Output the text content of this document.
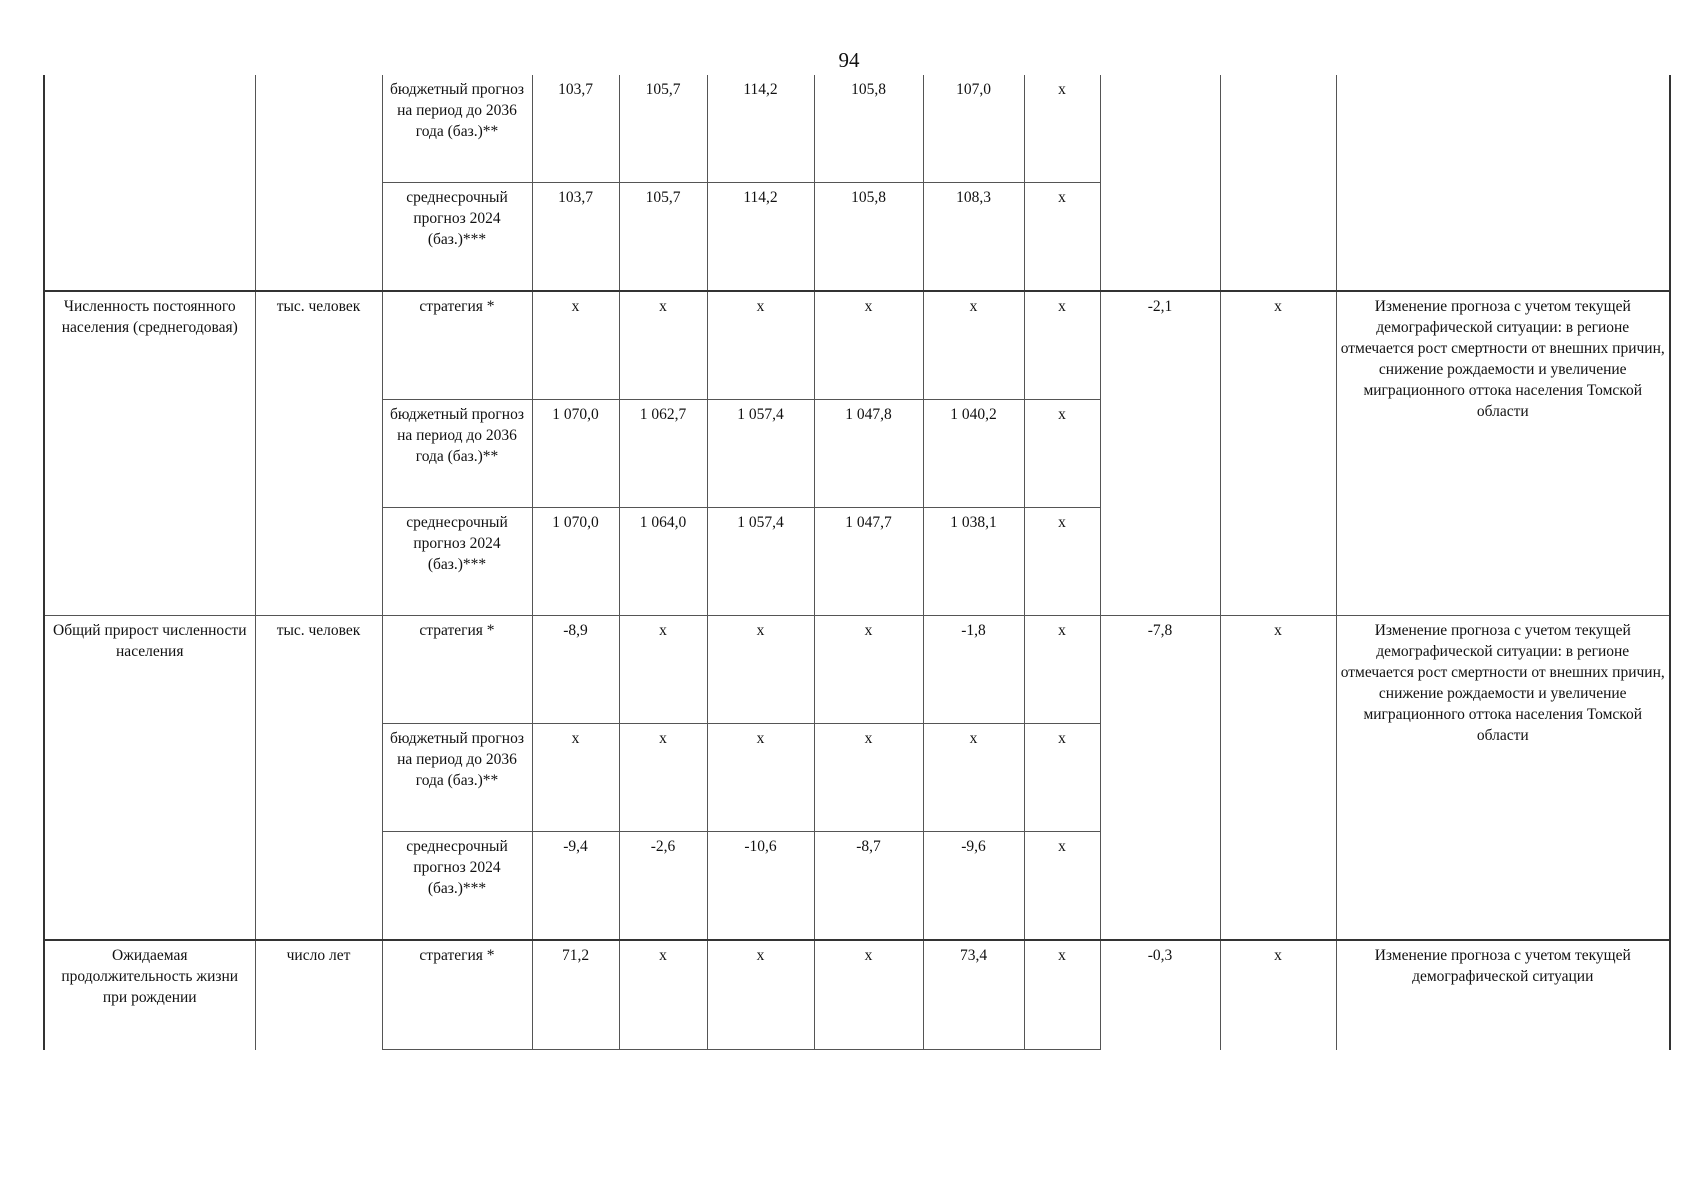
94
		бюджетный прогноз на период до 2036 года (баз.)**	103,7	105,7	114,2	105,8	107,0	х			
		среднесрочный прогноз 2024 (баз.)***	103,7	105,7	114,2	105,8	108,3	х			
Численность постоянного населения (среднегодовая)	тыс. человек	стратегия *	х	х	х	х	х	х	-2,1	х	Изменение прогноза с учетом текущей демографической ситуации: в регионе отмечается рост смертности от внешних причин, снижение рождаемости и увеличение миграционного оттока населения Томской области
		бюджетный прогноз на период до 2036 года (баз.)**	1 070,0	1 062,7	1 057,4	1 047,8	1 040,2	х			
		среднесрочный прогноз 2024 (баз.)***	1 070,0	1 064,0	1 057,4	1 047,7	1 038,1	х			
Общий прирост численности населения	тыс. человек	стратегия *	-8,9	х	х	х	-1,8	х	-7,8	х	Изменение прогноза с учетом текущей демографической ситуации: в регионе отмечается рост смертности от внешних причин, снижение рождаемости и увеличение миграционного оттока населения Томской области
		бюджетный прогноз на период до 2036 года (баз.)**	х	х	х	х	х	х			
		среднесрочный прогноз 2024 (баз.)***	-9,4	-2,6	-10,6	-8,7	-9,6	х			
Ожидаемая продолжительность жизни при рождении	число лет	стратегия *	71,2	х	х	х	73,4	х	-0,3	х	Изменение прогноза с учетом текущей демографической ситуации
